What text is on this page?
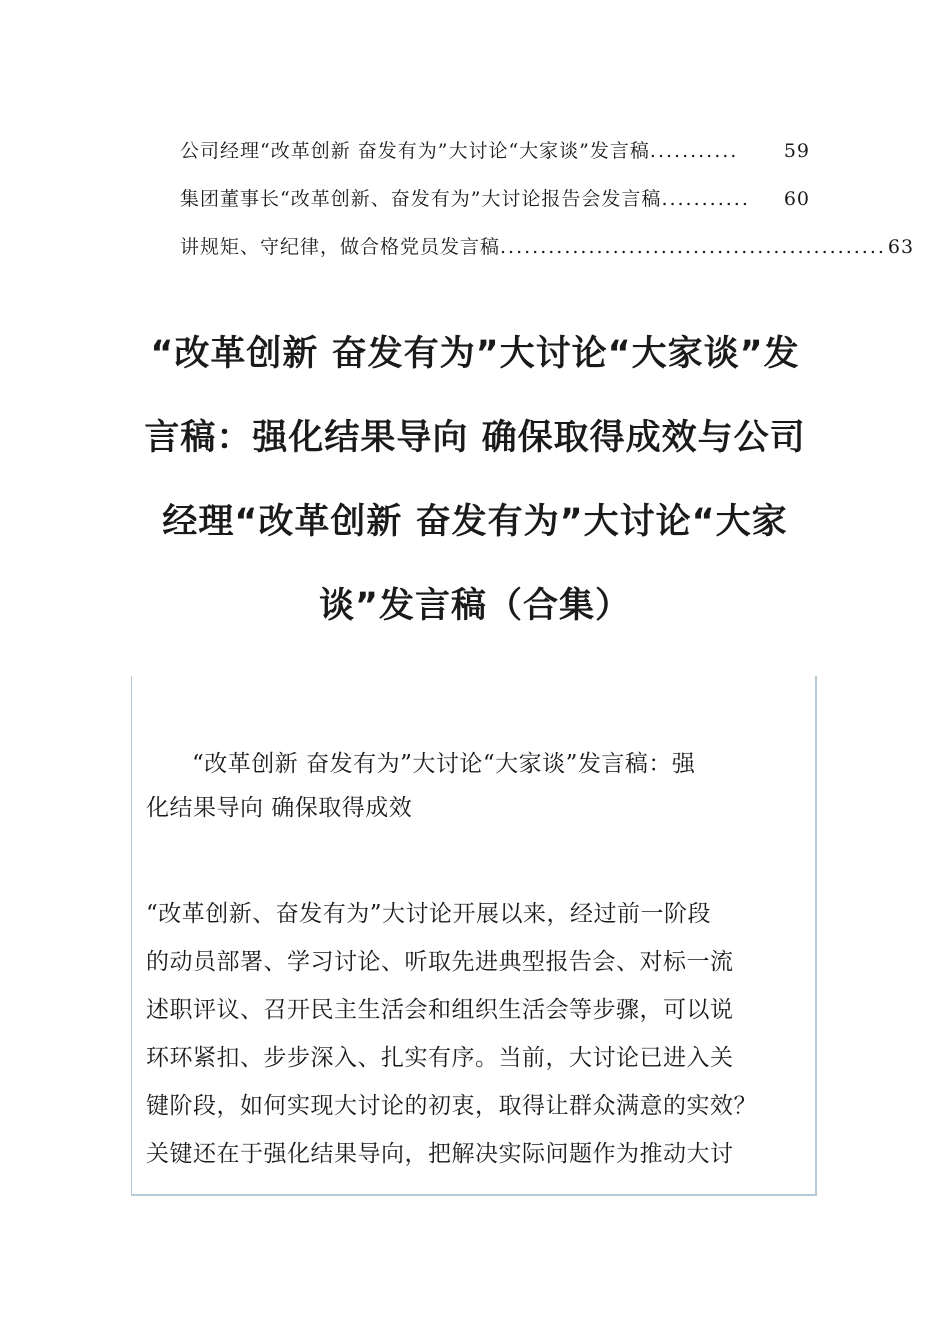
公司经理“改革创新 奋发有为”大讨论“大家谈”发言稿 ...........	59
集团董事长“改革创新、奋发有为”大讨论报告会发言稿 ...........	60
讲规矩、守纪律，做合格党员发言稿 ................................................ 63
“改革创新 奋发有为”大讨论“大家谈”发
言稿：强化结果导向 确保取得成效与公司
经理“改革创新 奋发有为”大讨论“大家
谈”发言稿（合集）
“改革创新 奋发有为”大讨论“大家谈”发言稿：强
化结果导向 确保取得成效
“改革创新、奋发有为”大讨论开展以来，经过前一阶段
的动员部署、学习讨论、听取先进典型报告会、对标一流
述职评议、召开民主生活会和组织生活会等步骤，可以说
环环紧扣、步步深入、扎实有序。当前，大讨论已进入关
键阶段，如何实现大讨论的初衷，取得让群众满意的实效？
关键还在于强化结果导向，把解决实际问题作为推动大讨
